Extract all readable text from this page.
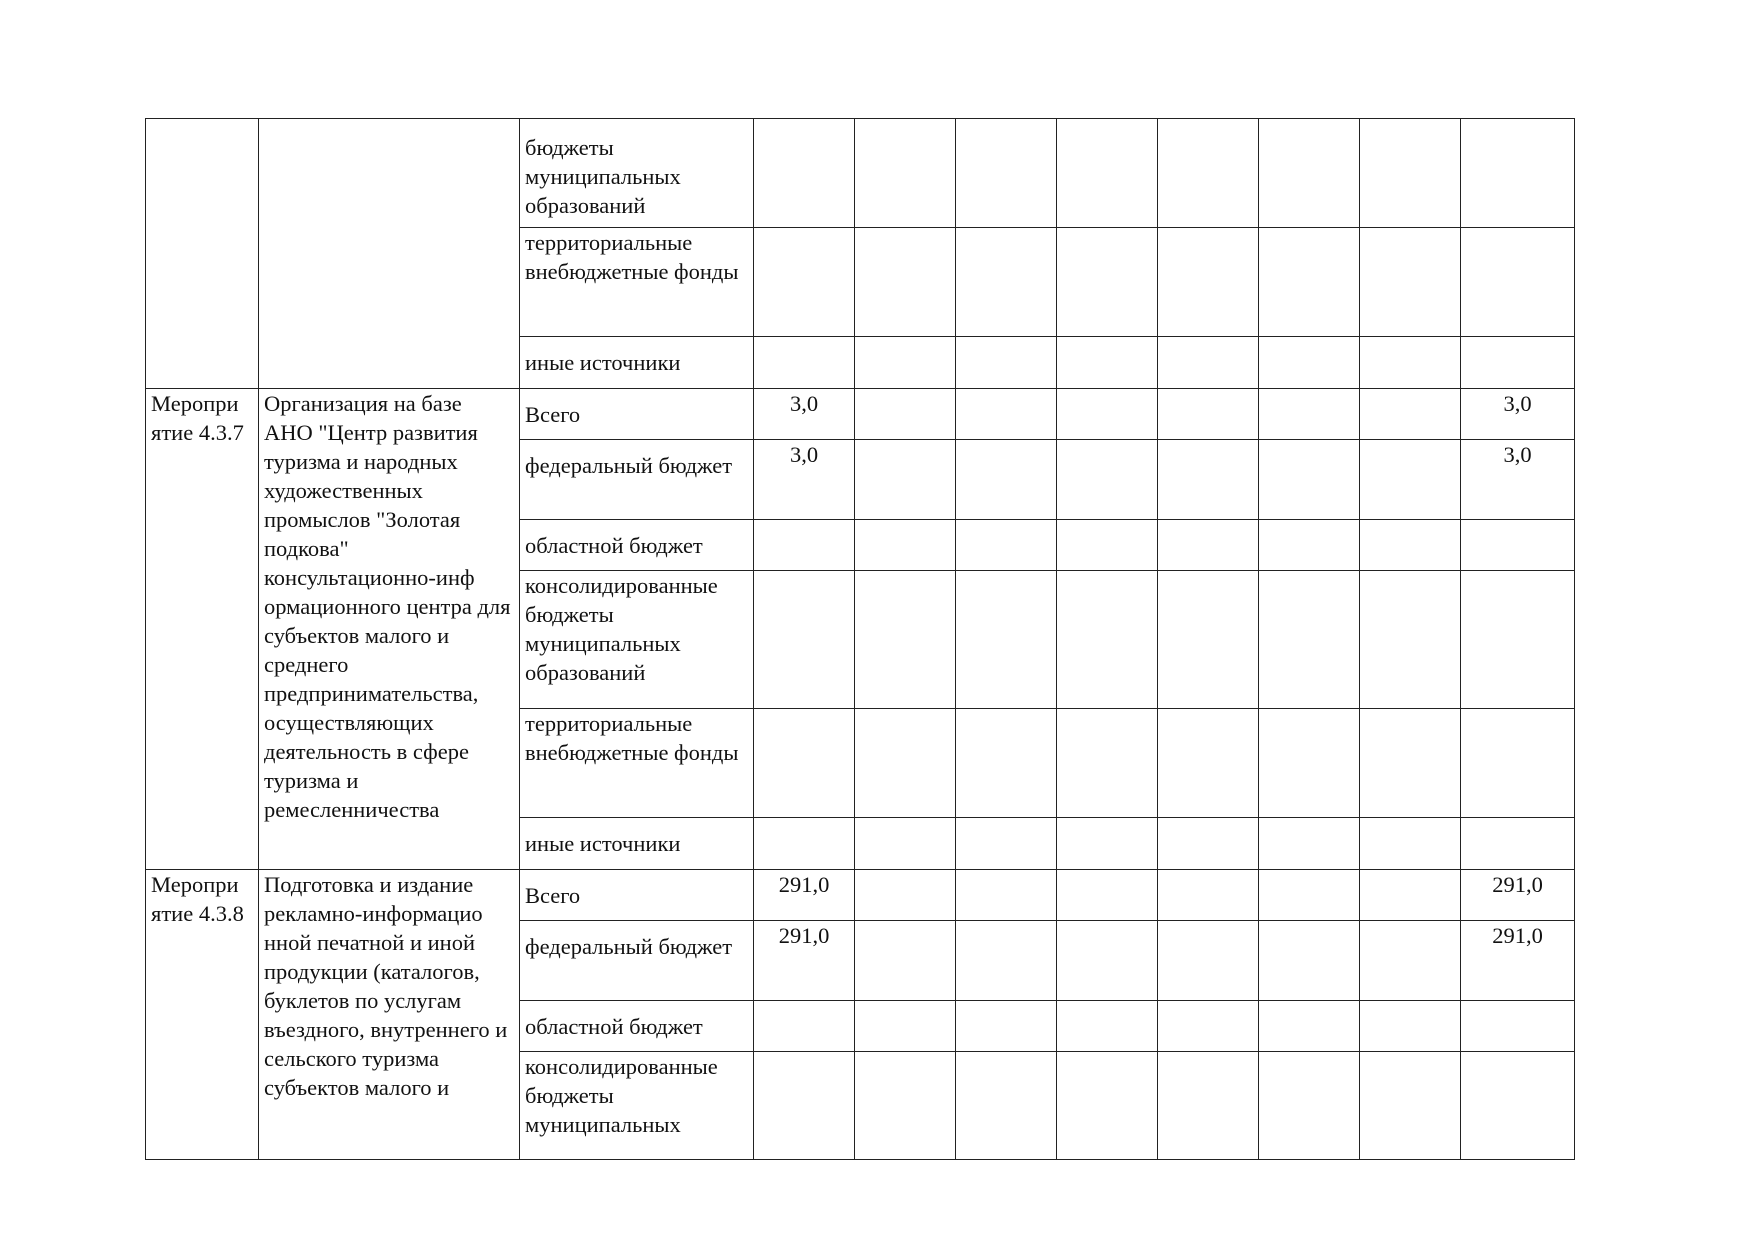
		бюджеты муниципальных образований								
		территориальные внебюджетные фонды								
		иные источники								
Меропри ятие 4.3.7	Организация на базе АНО "Центр развития туризма и народных художественных промыслов "Золотая подкова" консультационно-инф ормационного центра для субъектов малого и среднего предпринимательства, осуществляющих деятельность в сфере туризма и ремесленничества	Всего	3,0							3,0
		федеральный бюджет	3,0							3,0
		областной бюджет								
		консолидированные бюджеты муниципальных образований								
		территориальные внебюджетные фонды								
		иные источники								
Меропри ятие 4.3.8	Подготовка и издание рекламно-информацио нной печатной и иной продукции (каталогов, буклетов по услугам въездного, внутреннего и сельского туризма субъектов малого и	Всего	291,0							291,0
		федеральный бюджет	291,0							291,0
		областной бюджет								
		консолидированные бюджеты муниципальных								
